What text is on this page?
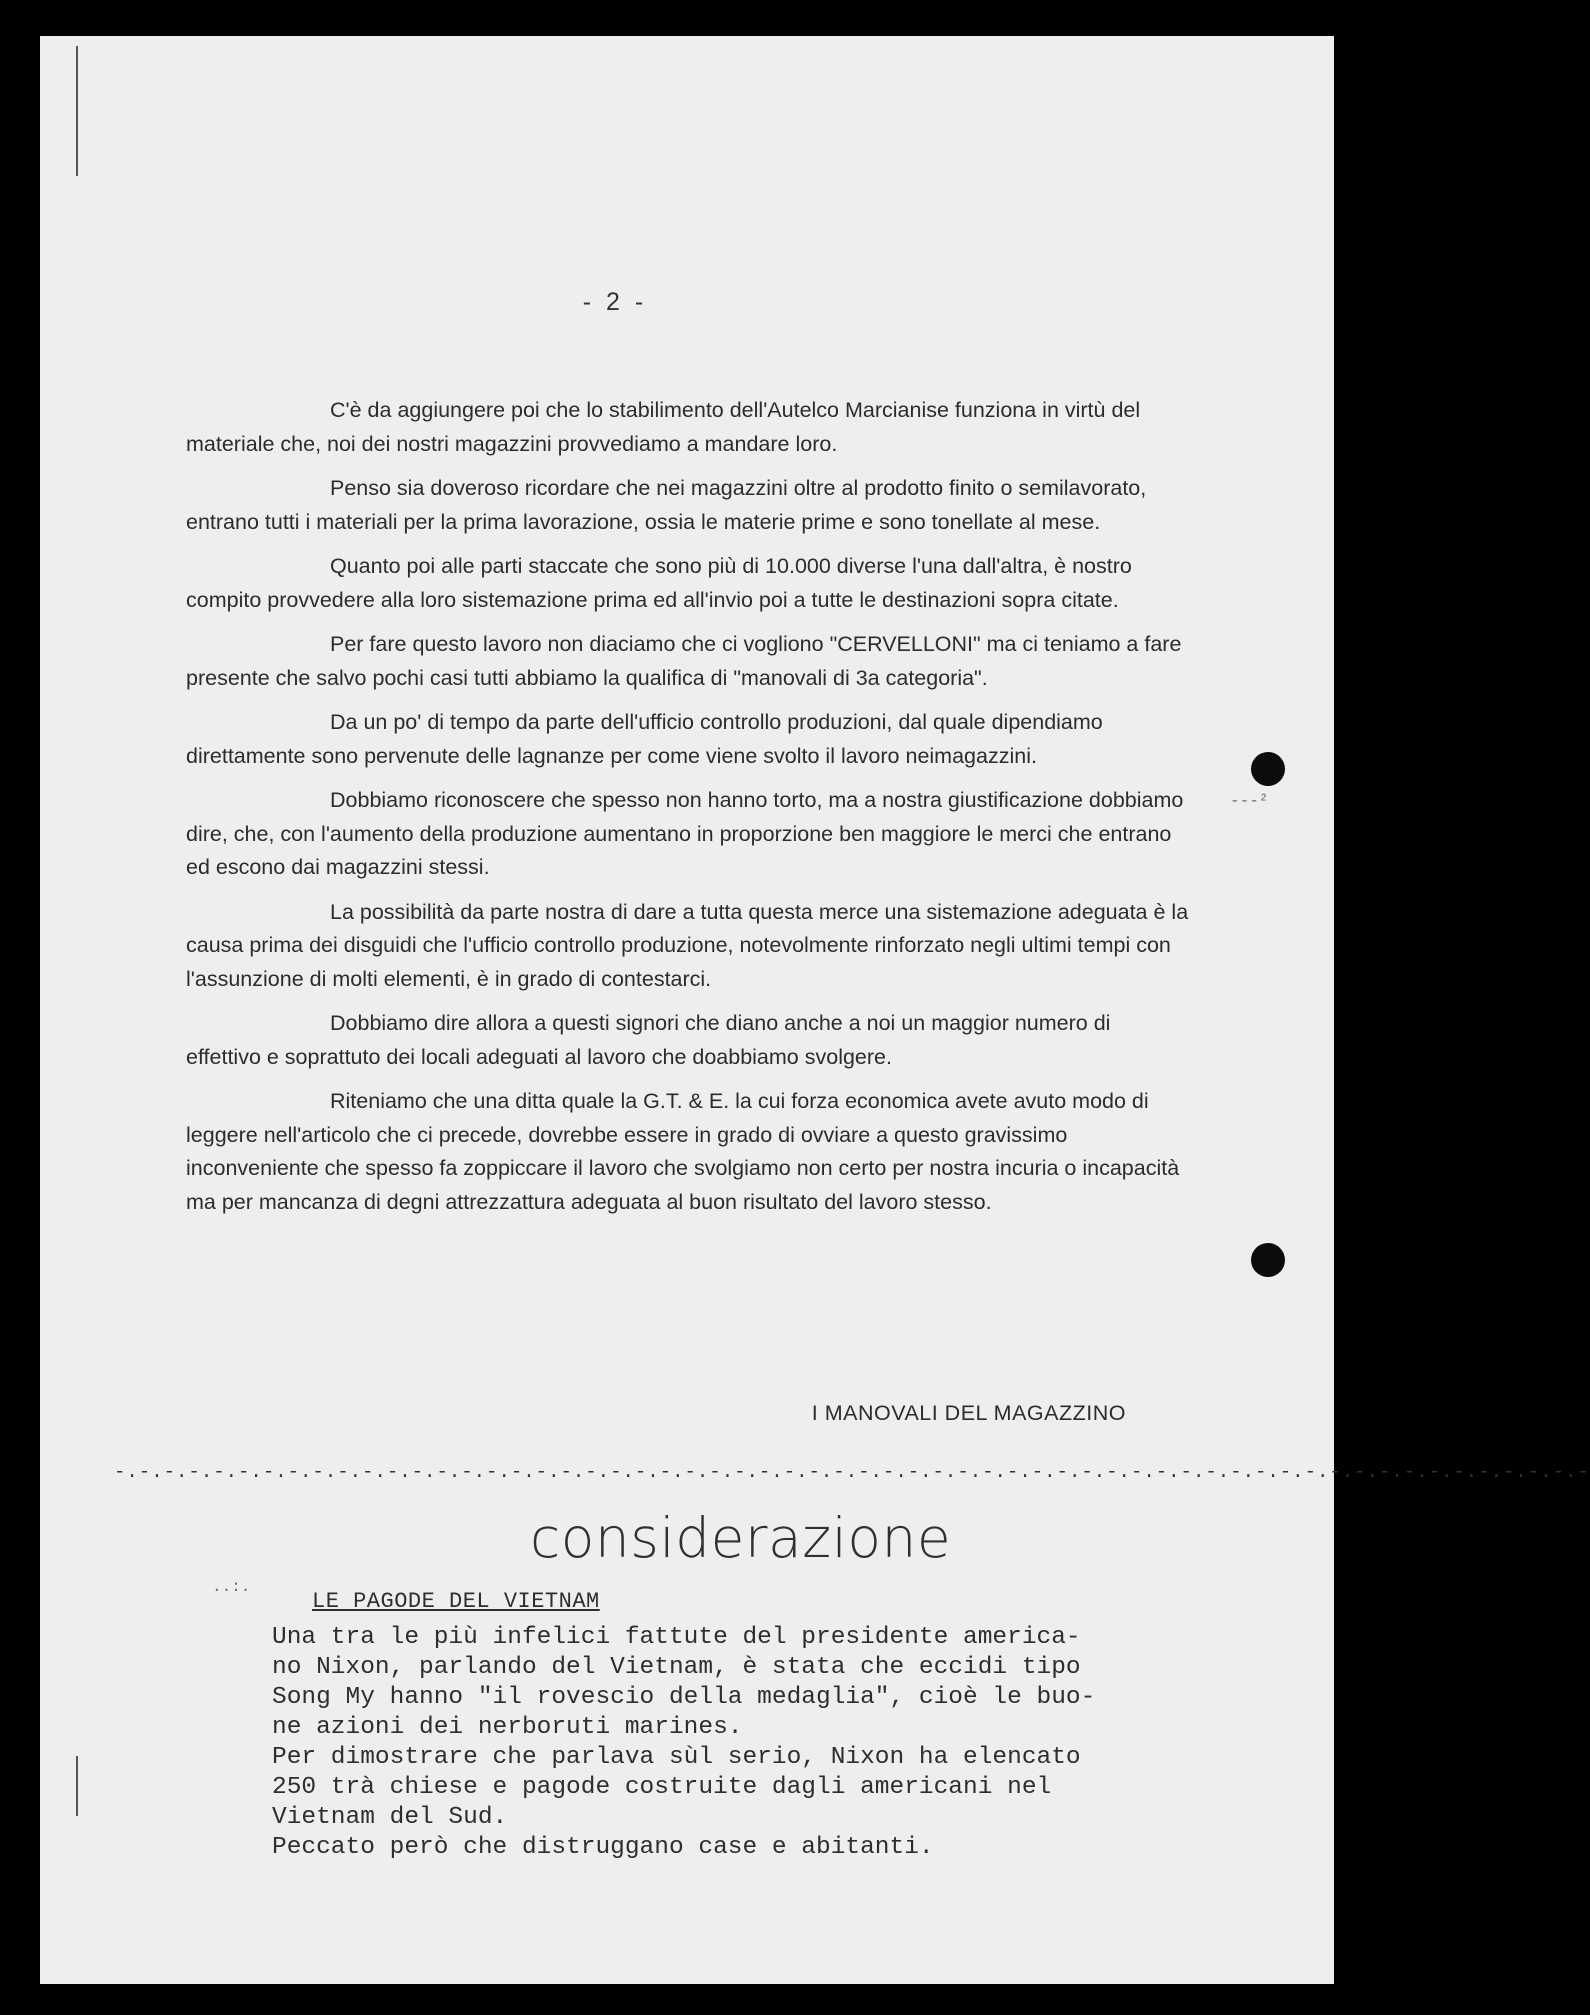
- 2 -

C'è da aggiungere poi che lo stabilimento dell'Autelco Marcianise funziona in virtù del materiale che, noi dei nostri magazzini provvediamo a mandare loro.

Penso sia doveroso ricordare che nei magazzini oltre al prodotto finito o semilavorato, entrano tutti i materiali per la prima lavorazione, ossia le materie prime e sono tonellate al mese.

Quanto poi alle parti staccate che sono più di 10.000 diverse l'una dall'altra, è nostro compito provvedere alla loro sistemazione prima ed all'invio poi a tutte le destinazioni sopra citate.

Per fare questo lavoro non diaciamo che ci vogliono "CERVELLONI" ma ci teniamo a fare presente che salvo pochi casi tutti abbiamo la qualifica di "manovali di 3a categoria".

Da un po' di tempo da parte dell'ufficio controllo produzioni, dal quale dipendiamo direttamente sono pervenute delle lagnanze per come viene svolto il lavoro neimagazzini.

Dobbiamo riconoscere che spesso non hanno torto, ma a nostra giustificazione dobbiamo dire, che, con l'aumento della produzione aumentano in proporzione ben maggiore le merci che entrano ed escono dai magazzini stessi.

La possibilità da parte nostra di dare a tutta questa merce una sistemazione adeguata è la causa prima dei disguidi che l'ufficio controllo produzione, notevolmente rinforzato negli ultimi tempi con l'assunzione di molti elementi, è in grado di contestarci.

Dobbiamo dire allora a questi signori che diano anche a noi un maggior numero di effettivo e soprattuto dei locali adeguati al lavoro che doabbiamo svolgere.

Riteniamo che una ditta quale la G.T. & E. la cui forza economica avete avuto modo di leggere nell'articolo che ci precede, dovrebbe essere in grado di ovviare a questo gravissimo inconveniente che spesso fa zoppiccare il lavoro che svolgiamo non certo per nostra incuria o incapacità ma per mancanza di degni attrezzattura adeguata al buon risultato del lavoro stesso.

I MANOVALI DEL MAGAZZINO
-.-.-.-.-.-.-.-.-.-.-.-.-.-.-.-.-.-.-.-.-.-.-.-.-.-.-.-.-.-.-.-.-.-.-.-.-.-.-.-.-.-.-.-.-.-.-.-.-.-.-.-.-.-.-.-.-.-.-.-
considerazione
LE PAGODE DEL VIETNAM
Una tra le più infelici fattute del presidente america-
no Nixon, parlando del Vietnam, è stata che eccidi tipo
Song My hanno "il rovescio della medaglia", cioè le buo-
ne azioni dei nerboruti marines.
Per dimostrare che parlava sùl serio, Nixon ha elencato
250 trà chiese e pagode costruite dagli americani nel
Vietnam del Sud.
Peccato però che distruggano case e abitanti.
‐‐‐²
..:.
